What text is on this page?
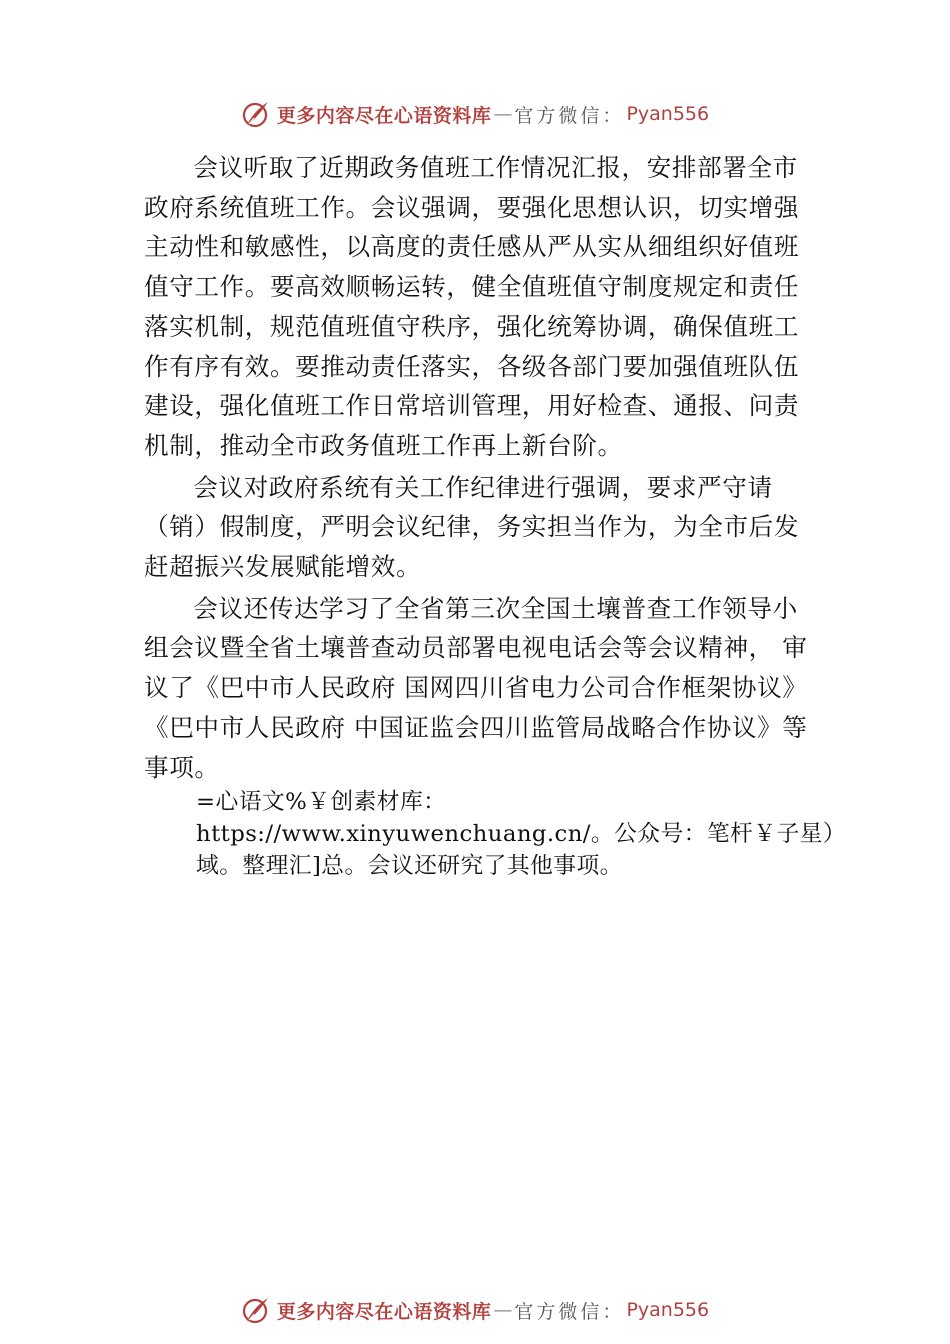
更多内容尽在心语资料库 — 官方微信： Pyan556

会议听取了近期政务值班工作情况汇报，安排部署全市政府系统值班工作。会议强调，要强化思想认识，切实增强主动性和敏感性，以高度的责任感从严从实从细组织好值班值守工作。要高效顺畅运转，健全值班值守制度规定和责任落实机制，规范值班值守秩序，强化统筹协调，确保值班工作有序有效。要推动责任落实，各级各部门要加强值班队伍建设，强化值班工作日常培训管理，用好检查、通报、问责机制，推动全市政务值班工作再上新台阶。

会议对政府系统有关工作纪律进行强调，要求严守请（销）假制度，严明会议纪律，务实担当作为，为全市后发赶超振兴发展赋能增效。

会议还传达学习了全省第三次全国土壤普查工作领导小组会议暨全省土壤普查动员部署电视电话会等会议精神， 审议了《巴中市人民政府 国网四川省电力公司合作框架协议》《巴中市人民政府 中国证监会四川监管局战略合作协议》等事项。

=心语文%￥创素材库：https://www.xinyuwenchuang.cn/。公众号：笔杆￥子星）域。整理汇]总。会议还研究了其他事项。
更多内容尽在心语资料库 — 官方微信： Pyan556
